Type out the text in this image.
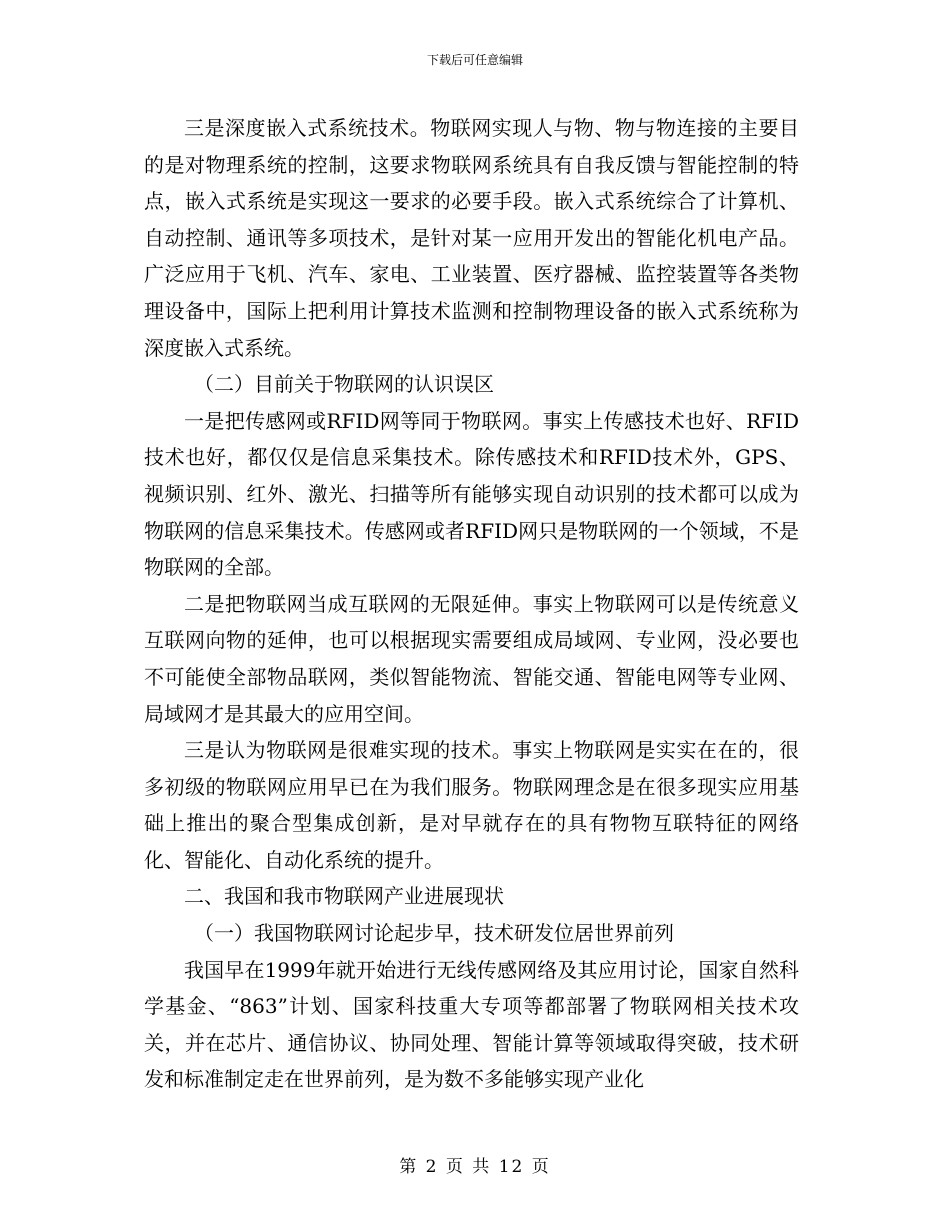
下载后可任意编辑

三是深度嵌入式系统技术。物联网实现人与物、物与物连接的主要目的是对物理系统的控制，这要求物联网系统具有自我反馈与智能控制的特点，嵌入式系统是实现这一要求的必要手段。嵌入式系统综合了计算机、自动控制、通讯等多项技术，是针对某一应用开发出的智能化机电产品。广泛应用于飞机、汽车、家电、工业装置、医疗器械、监控装置等各类物理设备中，国际上把利用计算技术监测和控制物理设备的嵌入式系统称为深度嵌入式系统。

（二）目前关于物联网的认识误区

一是把传感网或RFID网等同于物联网。事实上传感技术也好、RFID技术也好，都仅仅是信息采集技术。除传感技术和RFID技术外，GPS、视频识别、红外、激光、扫描等所有能够实现自动识别的技术都可以成为物联网的信息采集技术。传感网或者RFID网只是物联网的一个领域，不是物联网的全部。

二是把物联网当成互联网的无限延伸。事实上物联网可以是传统意义互联网向物的延伸，也可以根据现实需要组成局域网、专业网，没必要也不可能使全部物品联网，类似智能物流、智能交通、智能电网等专业网、局域网才是其最大的应用空间。

三是认为物联网是很难实现的技术。事实上物联网是实实在在的，很多初级的物联网应用早已在为我们服务。物联网理念是在很多现实应用基础上推出的聚合型集成创新，是对早就存在的具有物物互联特征的网络化、智能化、自动化系统的提升。

二、我国和我市物联网产业进展现状

（一）我国物联网讨论起步早，技术研发位居世界前列

我国早在1999年就开始进行无线传感网络及其应用讨论，国家自然科学基金、“863”计划、国家科技重大专项等都部署了物联网相关技术攻关，并在芯片、通信协议、协同处理、智能计算等领域取得突破，技术研发和标准制定走在世界前列，是为数不多能够实现产业化

第 2 页 共 12 页
